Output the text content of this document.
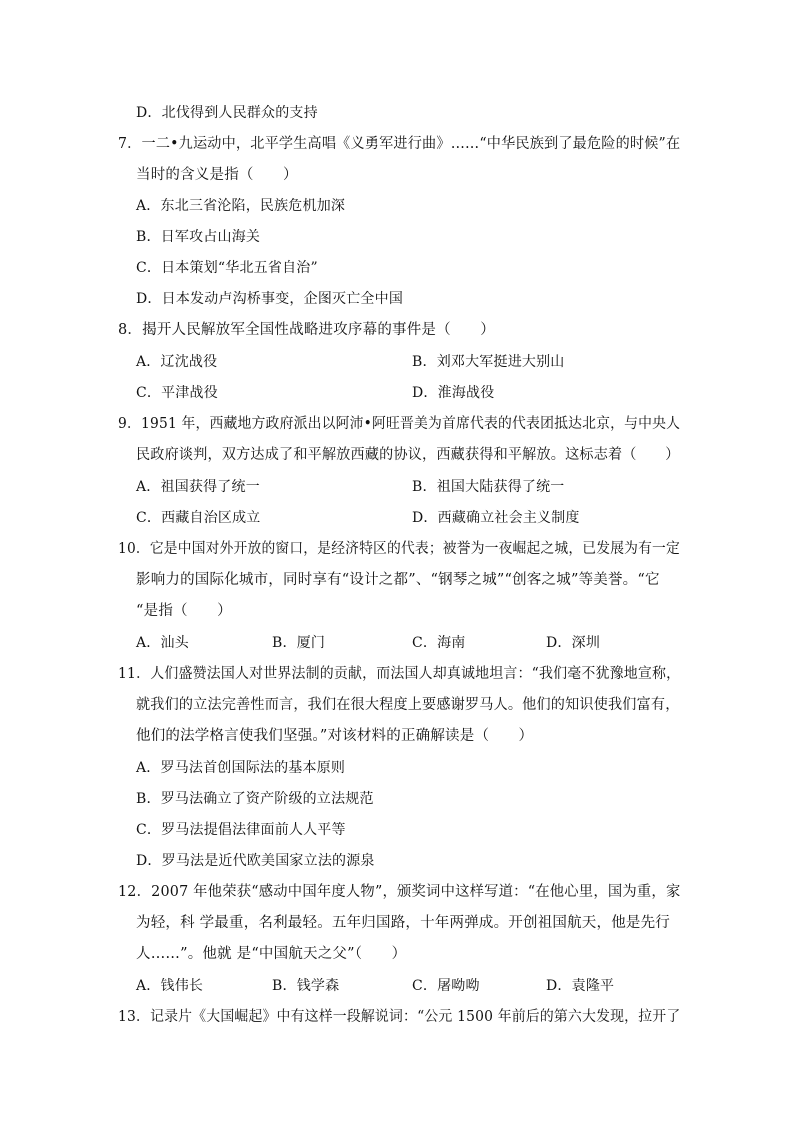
D．北伐得到人民群众的支持
7．一二•九运动中，北平学生高唱《义勇军进行曲》……“中华民族到了最危险的时候”在
当时的含义是指（　　）
A．东北三省沦陷，民族危机加深
B．日军攻占山海关
C．日本策划“华北五省自治”
D．日本发动卢沟桥事变，企图灭亡全中国
8．揭开人民解放军全国性战略进攻序幕的事件是（　　）
A．辽沈战役	B．刘邓大军挺进大别山
C．平津战役	D．淮海战役
9．1951 年，西藏地方政府派出以阿沛•阿旺晋美为首席代表的代表团抵达北京，与中央人
民政府谈判，双方达成了和平解放西藏的协议，西藏获得和平解放。这标志着（　　）
A．祖国获得了统一	B．祖国大陆获得了统一
C．西藏自治区成立	D．西藏确立社会主义制度
10．它是中国对外开放的窗口，是经济特区的代表；被誉为一夜崛起之城，已发展为有一定
影响力的国际化城市，同时享有“设计之都”、“钢琴之城”“创客之城”等美誉。“它
“是指（　　）
A．汕头	B．厦门	C．海南	D．深圳
11．人们盛赞法国人对世界法制的贡献，而法国人却真诚地坦言：“我们毫不犹豫地宣称，
就我们的立法完善性而言，我们在很大程度上要感谢罗马人。他们的知识使我们富有，
他们的法学格言使我们坚强。”对该材料的正确解读是（　　）
A．罗马法首创国际法的基本原则
B．罗马法确立了资产阶级的立法规范
C．罗马法提倡法律面前人人平等
D．罗马法是近代欧美国家立法的源泉
12．2007 年他荣获“感动中国年度人物”，颁奖词中这样写道：“在他心里，国为重，家
为轻，科 学最重，名利最轻。五年归国路，十年两弹成。开创祖国航天，他是先行
人……”。他就 是“中国航天之父”（　　）
A．钱伟长	B．钱学森	C．屠呦呦	D．袁隆平
13．记录片《大国崛起》中有这样一段解说词：“公元 1500 年前后的第六大发现，拉开了
